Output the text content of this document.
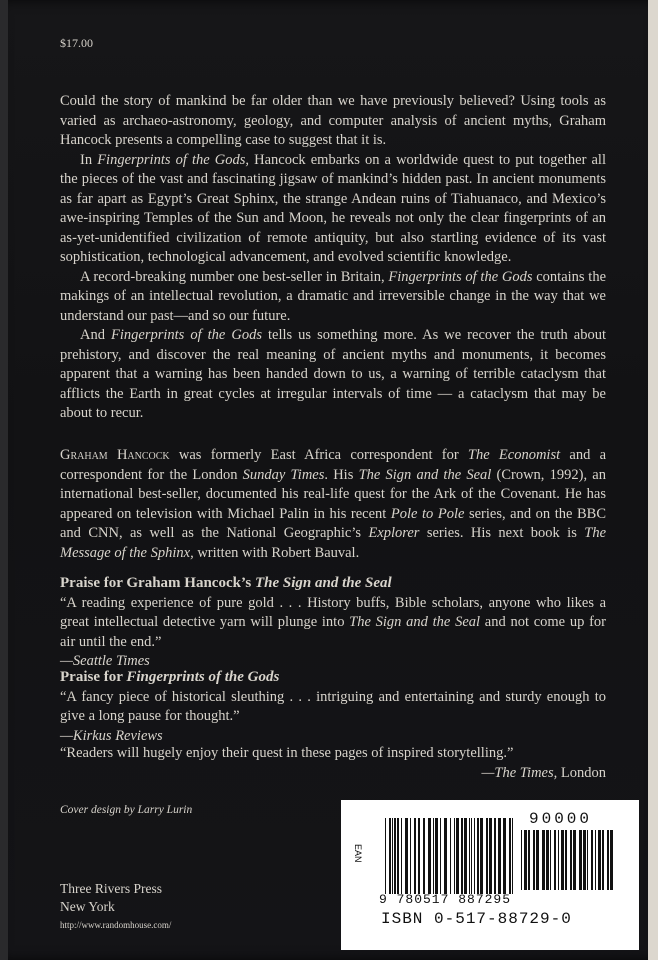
$17.00

Could the story of mankind be far older than we have previously believed? Using tools as varied as archaeo-astronomy, geology, and computer analysis of ancient myths, Graham Hancock presents a compelling case to suggest that it is.

In Fingerprints of the Gods, Hancock embarks on a worldwide quest to put together all the pieces of the vast and fascinating jigsaw of mankind’s hidden past. In ancient monuments as far apart as Egypt’s Great Sphinx, the strange Andean ruins of Tiahuanaco, and Mexico’s awe-inspiring Temples of the Sun and Moon, he reveals not only the clear fingerprints of an as-yet-unidentified civilization of remote antiquity, but also startling evidence of its vast sophistication, technological advancement, and evolved scientific knowledge.

A record-breaking number one best-seller in Britain, Fingerprints of the Gods contains the makings of an intellectual revolution, a dramatic and irreversible change in the way that we understand our past—and so our future.

And Fingerprints of the Gods tells us something more. As we recover the truth about prehistory, and discover the real meaning of ancient myths and monuments, it becomes apparent that a warning has been handed down to us, a warning of terrible cataclysm that afflicts the Earth in great cycles at irregular intervals of time — a cataclysm that may be about to recur.

Graham Hancock was formerly East Africa correspondent for The Economist and a correspondent for the London Sunday Times. His The Sign and the Seal (Crown, 1992), an international best-seller, documented his real-life quest for the Ark of the Covenant. He has appeared on television with Michael Palin in his recent Pole to Pole series, and on the BBC and CNN, as well as the National Geographic’s Explorer series. His next book is The Message of the Sphinx, written with Robert Bauval.

Praise for Graham Hancock’s The Sign and the Seal

“A reading experience of pure gold . . . History buffs, Bible scholars, anyone who likes a great intellectual detective yarn will plunge into The Sign and the Seal and not come up for air until the end.”

—Seattle Times

Praise for Fingerprints of the Gods

“A fancy piece of historical sleuthing . . . intriguing and entertaining and sturdy enough to give a long pause for thought.”

—Kirkus Reviews

“Readers will hugely enjoy their quest in these pages of inspired storytelling.”

—The Times, London

Cover design by Larry Lurin
Three Rivers Press
New York
http://www.randomhouse.com/
EAN
90000
9 780517 887295
ISBN 0-517-88729-0
